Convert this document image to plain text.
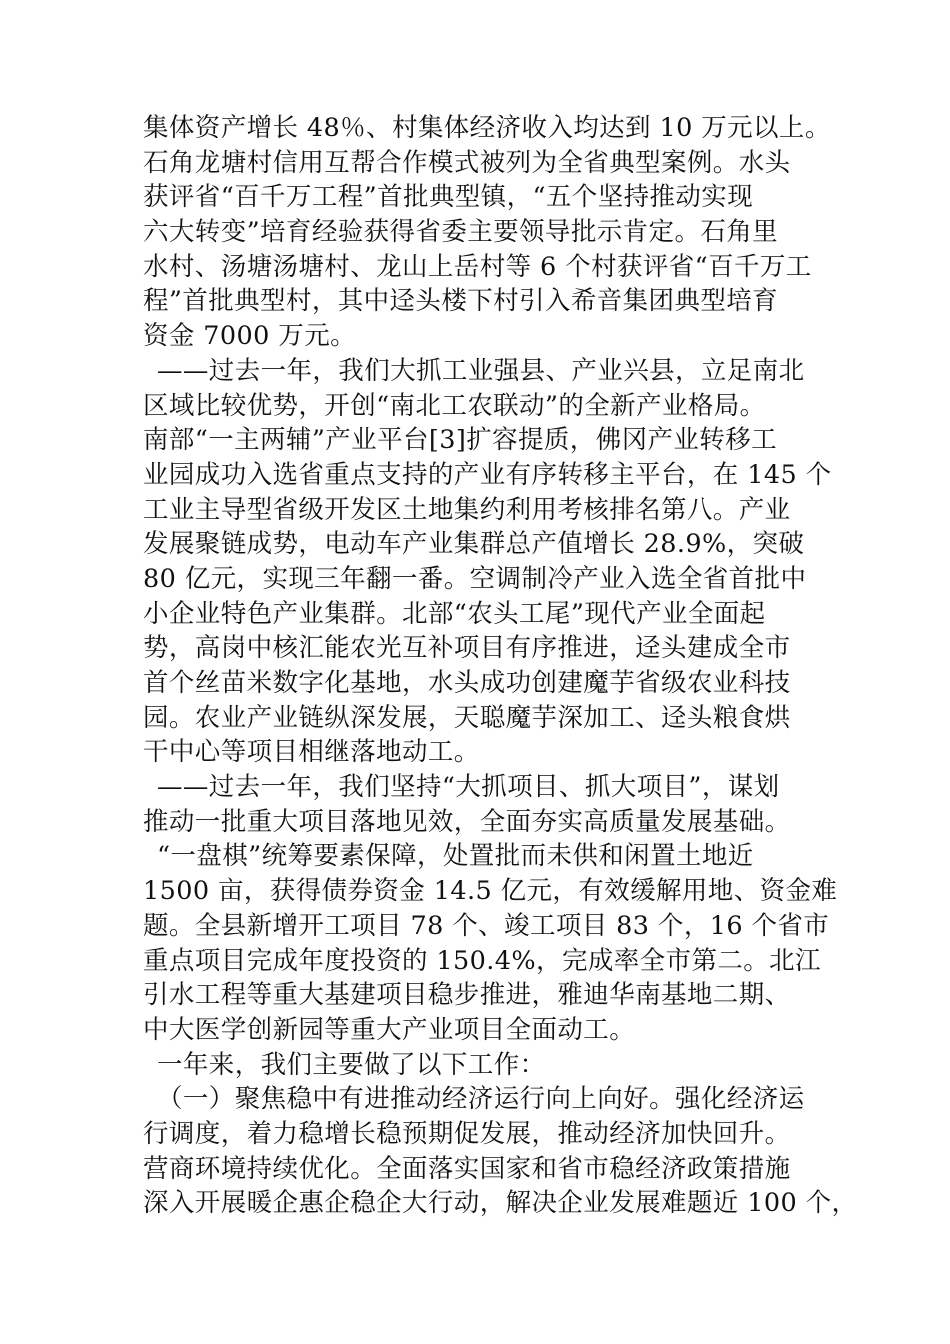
集体资产增长 48％、村集体经济收入均达到 10 万元以上。
石角龙塘村信用互帮合作模式被列为全省典型案例。水头
获评省“百千万工程”首批典型镇，“五个坚持推动实现
六大转变”培育经验获得省委主要领导批示肯定。石角里
水村、汤塘汤塘村、龙山上岳村等 6 个村获评省“百千万工
程”首批典型村，其中迳头楼下村引入希音集团典型培育
资金 7000 万元。
——过去一年，我们大抓工业强县、产业兴县，立足南北
区域比较优势，开创“南北工农联动”的全新产业格局。
南部“一主两辅”产业平台[3]扩容提质，佛冈产业转移工
业园成功入选省重点支持的产业有序转移主平台，在 145 个
工业主导型省级开发区土地集约利用考核排名第八。产业
发展聚链成势，电动车产业集群总产值增长 28.9%，突破
80 亿元，实现三年翻一番。空调制冷产业入选全省首批中
小企业特色产业集群。北部“农头工尾”现代产业全面起
势，高岗中核汇能农光互补项目有序推进，迳头建成全市
首个丝苗米数字化基地，水头成功创建魔芋省级农业科技
园。农业产业链纵深发展，天聪魔芋深加工、迳头粮食烘
干中心等项目相继落地动工。
——过去一年，我们坚持“大抓项目、抓大项目”，谋划
推动一批重大项目落地见效，全面夯实高质量发展基础。
“一盘棋”统筹要素保障，处置批而未供和闲置土地近
1500 亩，获得债券资金 14.5 亿元，有效缓解用地、资金难
题。全县新增开工项目 78 个、竣工项目 83 个，16 个省市
重点项目完成年度投资的 150.4%，完成率全市第二。北江
引水工程等重大基建项目稳步推进，雅迪华南基地二期、
中大医学创新园等重大产业项目全面动工。
一年来，我们主要做了以下工作：
（一）聚焦稳中有进推动经济运行向上向好。强化经济运
行调度，着力稳增长稳预期促发展，推动经济加快回升。
营商环境持续优化。全面落实国家和省市稳经济政策措施
深入开展暖企惠企稳企大行动，解决企业发展难题近 100 个，
